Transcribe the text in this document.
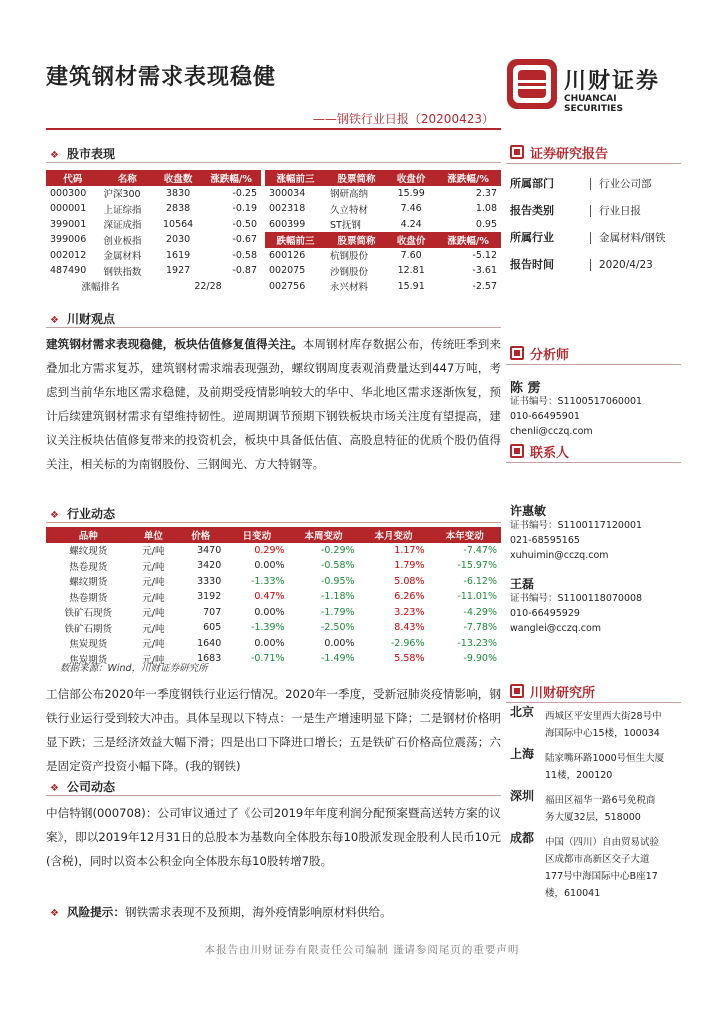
建筑钢材需求表现稳健	川财证券
CHUANCAI SECURITIES
——钢铁行业日报（20200423）
❖ 股市表现
代码	名称	收盘数	涨跌幅/%
000300	沪深300	3830	-0.25
000001	上证综指	2838	-0.19
399001	深证成指	10564	-0.50
399006	创业板指	2030	-0.67
002012	金属材料	1619	-0.58
487490	钢铁指数	1927	-0.87
涨幅排名		22/28	
涨幅前三	股票简称	收盘价	涨跌幅/%
300034	钢研高纳	15.99	2.37
002318	久立特材	7.46	1.08
600399	ST抚钢	4.24	0.95
跌幅前三	股票简称	收盘价	涨跌幅/%
600126	杭钢股份	7.60	-5.12
002075	沙钢股份	12.81	-3.61
002756	永兴材料	15.91	-2.57
❖ 川财观点
建筑钢材需求表现稳健，板块估值修复值得关注。本周钢材库存数据公布，传统旺季到来叠加北方需求复苏，建筑钢材需求端表现强劲，螺纹钢周度表观消费量达到447万吨，考虑到当前华东地区需求稳健，及前期受疫情影响较大的华中、华北地区需求逐渐恢复，预计后续建筑钢材需求有望维持韧性。逆周期调节预期下钢铁板块市场关注度有望提高，建议关注板块估值修复带来的投资机会，板块中具备低估值、高股息特征的优质个股仍值得关注，相关标的为南钢股份、三钢闽光、方大特钢等。
❖ 行业动态
品种	单位	价格	日变动	本周变动	本月变动	本年变动
螺纹现货	元/吨	3470	0.29%	-0.29%	1.17%	-7.47%
热卷现货	元/吨	3420	0.00%	-0.58%	1.79%	-15.97%
螺纹期货	元/吨	3330	-1.33%	-0.95%	5.08%	-6.12%
热卷期货	元/吨	3192	0.47%	-1.18%	6.26%	-11.01%
铁矿石现货	元/吨	707	0.00%	-1.79%	3.23%	-4.29%
铁矿石期货	元/吨	605	-1.39%	-2.50%	8.43%	-7.78%
焦炭现货	元/吨	1640	0.00%	0.00%	-2.96%	-13.23%
焦炭期货	元/吨	1683	-0.71%	-1.49%	5.58%	-9.90%
数据来源：Wind，川财证券研究所
工信部公布2020年一季度钢铁行业运行情况。2020年一季度，受新冠肺炎疫情影响，钢铁行业运行受到较大冲击。具体呈现以下特点：一是生产增速明显下降；二是钢材价格明显下跌；三是经济效益大幅下滑；四是出口下降进口增长；五是铁矿石价格高位震荡；六是固定资产投资小幅下降。(我的钢铁)
❖ 公司动态
中信特钢(000708)：公司审议通过了《公司2019年年度利润分配预案暨高送转方案的议案》，即以2019年12月31日的总股本为基数向全体股东每10股派发现金股利人民币10元(含税)，同时以资本公积金向全体股东每10股转增7股。
❖ 风险提示：钢铁需求表现不及预期，海外疫情影响原材料供给。
证券研究报告
所属部门	行业公司部
报告类别	行业日报
所属行业	金属材料/钢铁
报告时间	2020/4/23
分析师
陈 雳
证书编号：S1100517060001
010-66495901
chenli@cczq.com
联系人
许惠敏
证书编号：S1100117120001
021-68595165
xuhuimin@cczq.com
王磊
证书编号：S1100118070008
010-66495929
wanglei@cczq.com
川财研究所
北京 西城区平安里西大街28号中
海国际中心15楼，100034
上海 陆家嘴环路1000号恒生大厦
11楼，200120
深圳 福田区福华一路6号免税商
务大厦32层，518000
成都 中国（四川）自由贸易试验
区成都市高新区交子大道
177号中海国际中心B座17
楼，610041
本报告由川财证券有限责任公司编制 谨请参阅尾页的重要声明
